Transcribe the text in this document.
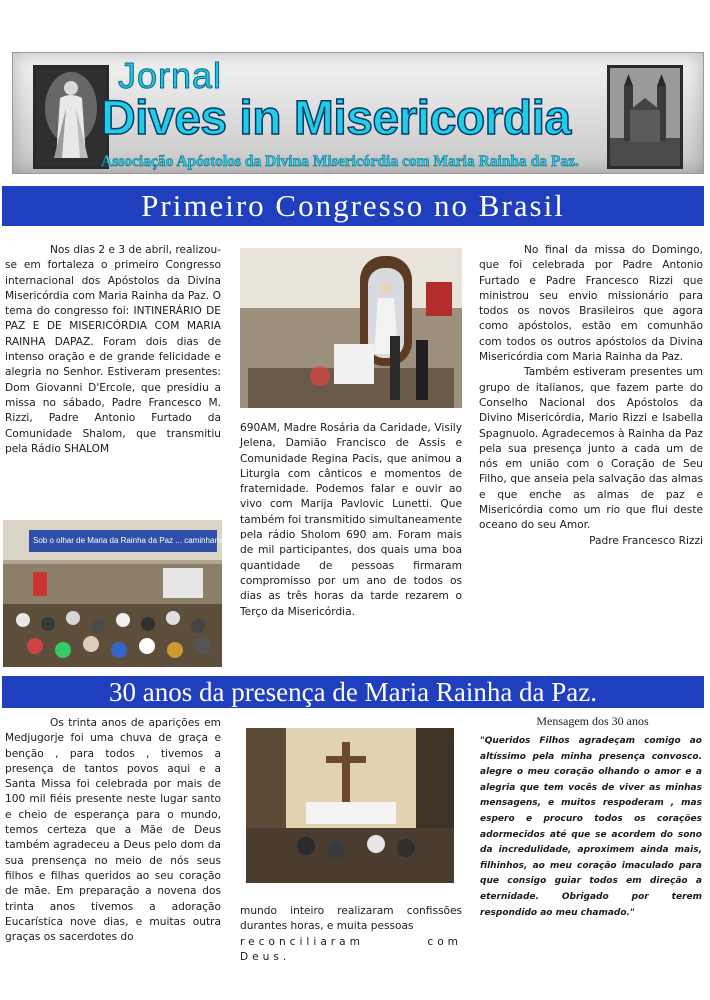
Jornal
Dives in Misericordia
Associação Apóstolos da Divina Misericórdia com Maria Rainha da Paz.
Primeiro Congresso no Brasil

Nos dias 2 e 3 de abril, realizou-se em fortaleza o primeiro Congresso internacional dos Apóstolos da Divina Misericórdia com Maria Rainha da Paz. O tema do congresso foi: INTINERÁRIO DE PAZ E DE MISERICÓRDIA COM MARIA RAINHA DAPAZ. Foram dois dias de intenso oração e de grande felicidade e alegria no Senhor. Estiveram presentes: Dom Giovanni D'Ercole, que presidiu a missa no sábado, Padre Francesco M. Rizzi, Padre Antonio Furtado da Comunidade Shalom, que transmitiu pela Rádio SHALOM

690AM, Madre Rosária da Caridade, Visily Jelena, Damião Francisco de Assis e Comunidade Regina Pacis, que animou a Liturgia com cânticos e momentos de fraternidade. Podemos falar e ouvir ao vivo com Marija Pavlovic Lunetti. Que também foi transmitido simultaneamente pela rádio Sholom 690 am. Foram mais de mil participantes, dos quais uma boa quantidade de pessoas firmaram compromisso por um ano de todos os dias as três horas da tarde rezarem o Terço da Misericórdia.

Sob o olhar de Maria da Rainha da Paz ... caminhamos com Jesus!

No final da missa do Domingo, que foi celebrada por Padre Antonio Furtado e Padre Francesco Rizzi que ministrou seu envio missionário para todos os novos Brasileiros que agora como apóstolos, estão em comunhão com todos os outros apóstolos da Divina Misericórdia com Maria Rainha da Paz.

Também estiveram presentes um grupo de italianos, que fazem parte do Conselho Nacional dos Apóstolos da Divino Misericórdia, Mario Rizzi e Isabella Spagnuolo. Agradecemos à Rainha da Paz pela sua presença junto a cada um de nós em união com o Coração de Seu Filho, que anseia pela salvação das almas e que enche as almas de paz e Misericórdia como um rio que flui deste oceano do seu Amor.

Padre Francesco Rizzi

30 anos da presença de Maria Rainha da Paz.

Os trinta anos de aparições em Medjugorje foi uma chuva de graça e benção , para todos , tivemos a presença de tantos povos aqui e a Santa Missa foi celebrada por mais de 100 mil fiéis presente neste lugar santo e cheio de esperança para o mundo, temos certeza que a Mãe de Deus também agradeceu a Deus pelo dom da sua prensença no meio de nós seus filhos e filhas queridos ao seu coração de mãe. Em preparação a novena dos trinta anos tivemos a adoração Eucarística nove dias, e muitas outra graças os sacerdotes do

mundo inteiro realizaram confissões durantes horas, e muita pessoas

reconciliaram com Deus.

Mensagem dos 30 anos
"Queridos Filhos agradeçam comigo ao altíssimo pela minha presença convosco. alegre o meu coração olhando o amor e a alegria que tem vocês de viver as minhas mensagens, e muitos respoderam , mas espero e procuro todos os corações adormecidos até que se acordem do sono da incredulidade, aproximem ainda mais, filhinhos, ao meu coração imaculado para que consigo guiar todos em direção a eternidade. Obrigado por terem respondido ao meu chamado."
